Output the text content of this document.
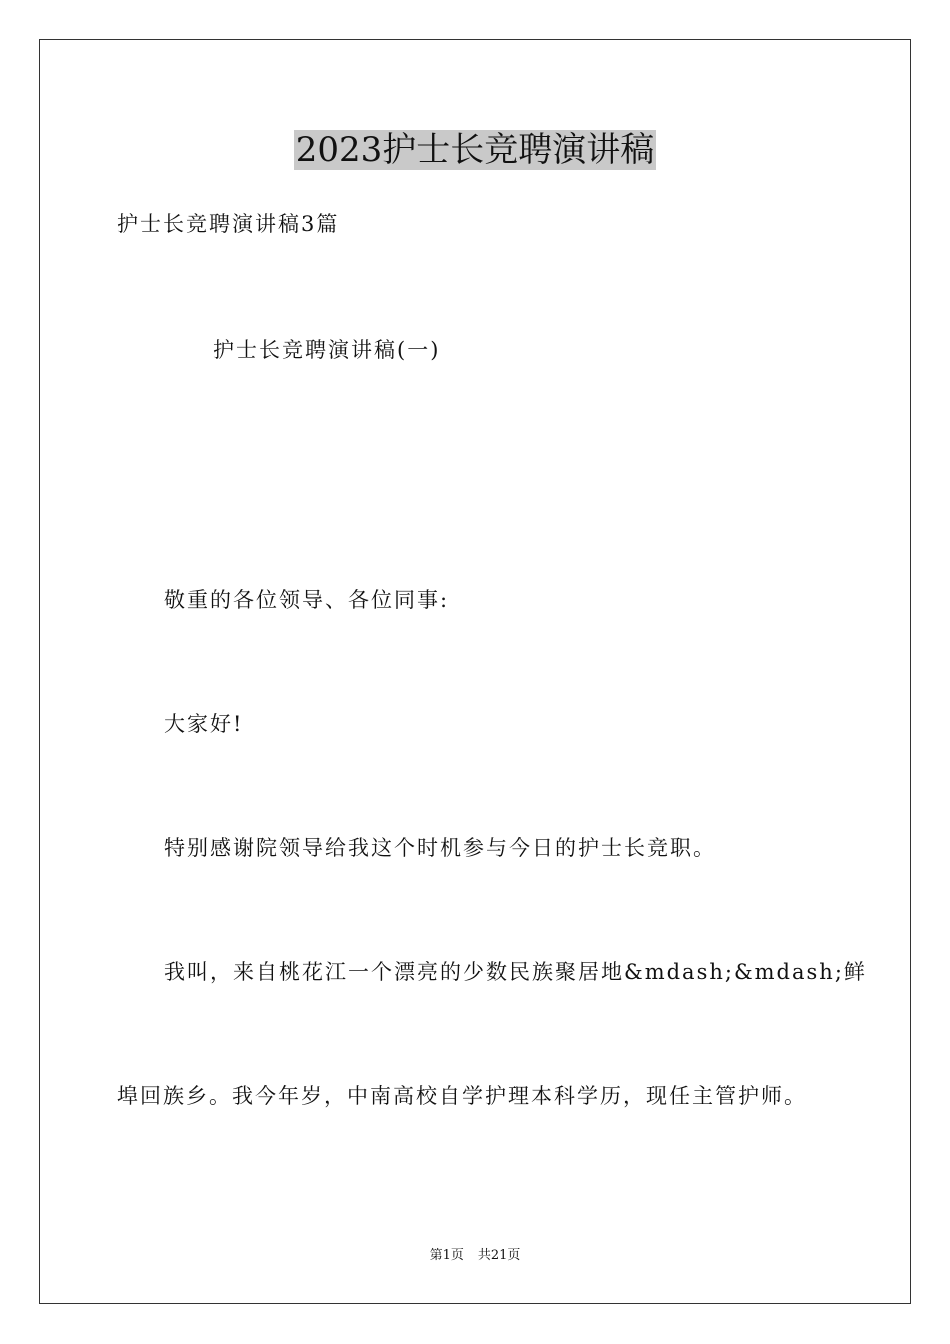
2023护士长竞聘演讲稿
护士长竞聘演讲稿3篇
护士长竞聘演讲稿(一)
敬重的各位领导、各位同事:
大家好!
特别感谢院领导给我这个时机参与今日的护士长竞职。
我叫，来自桃花江一个漂亮的少数民族聚居地&mdash;&mdash;鲜
埠回族乡。我今年岁，中南高校自学护理本科学历，现任主管护师。
第1页 共21页
